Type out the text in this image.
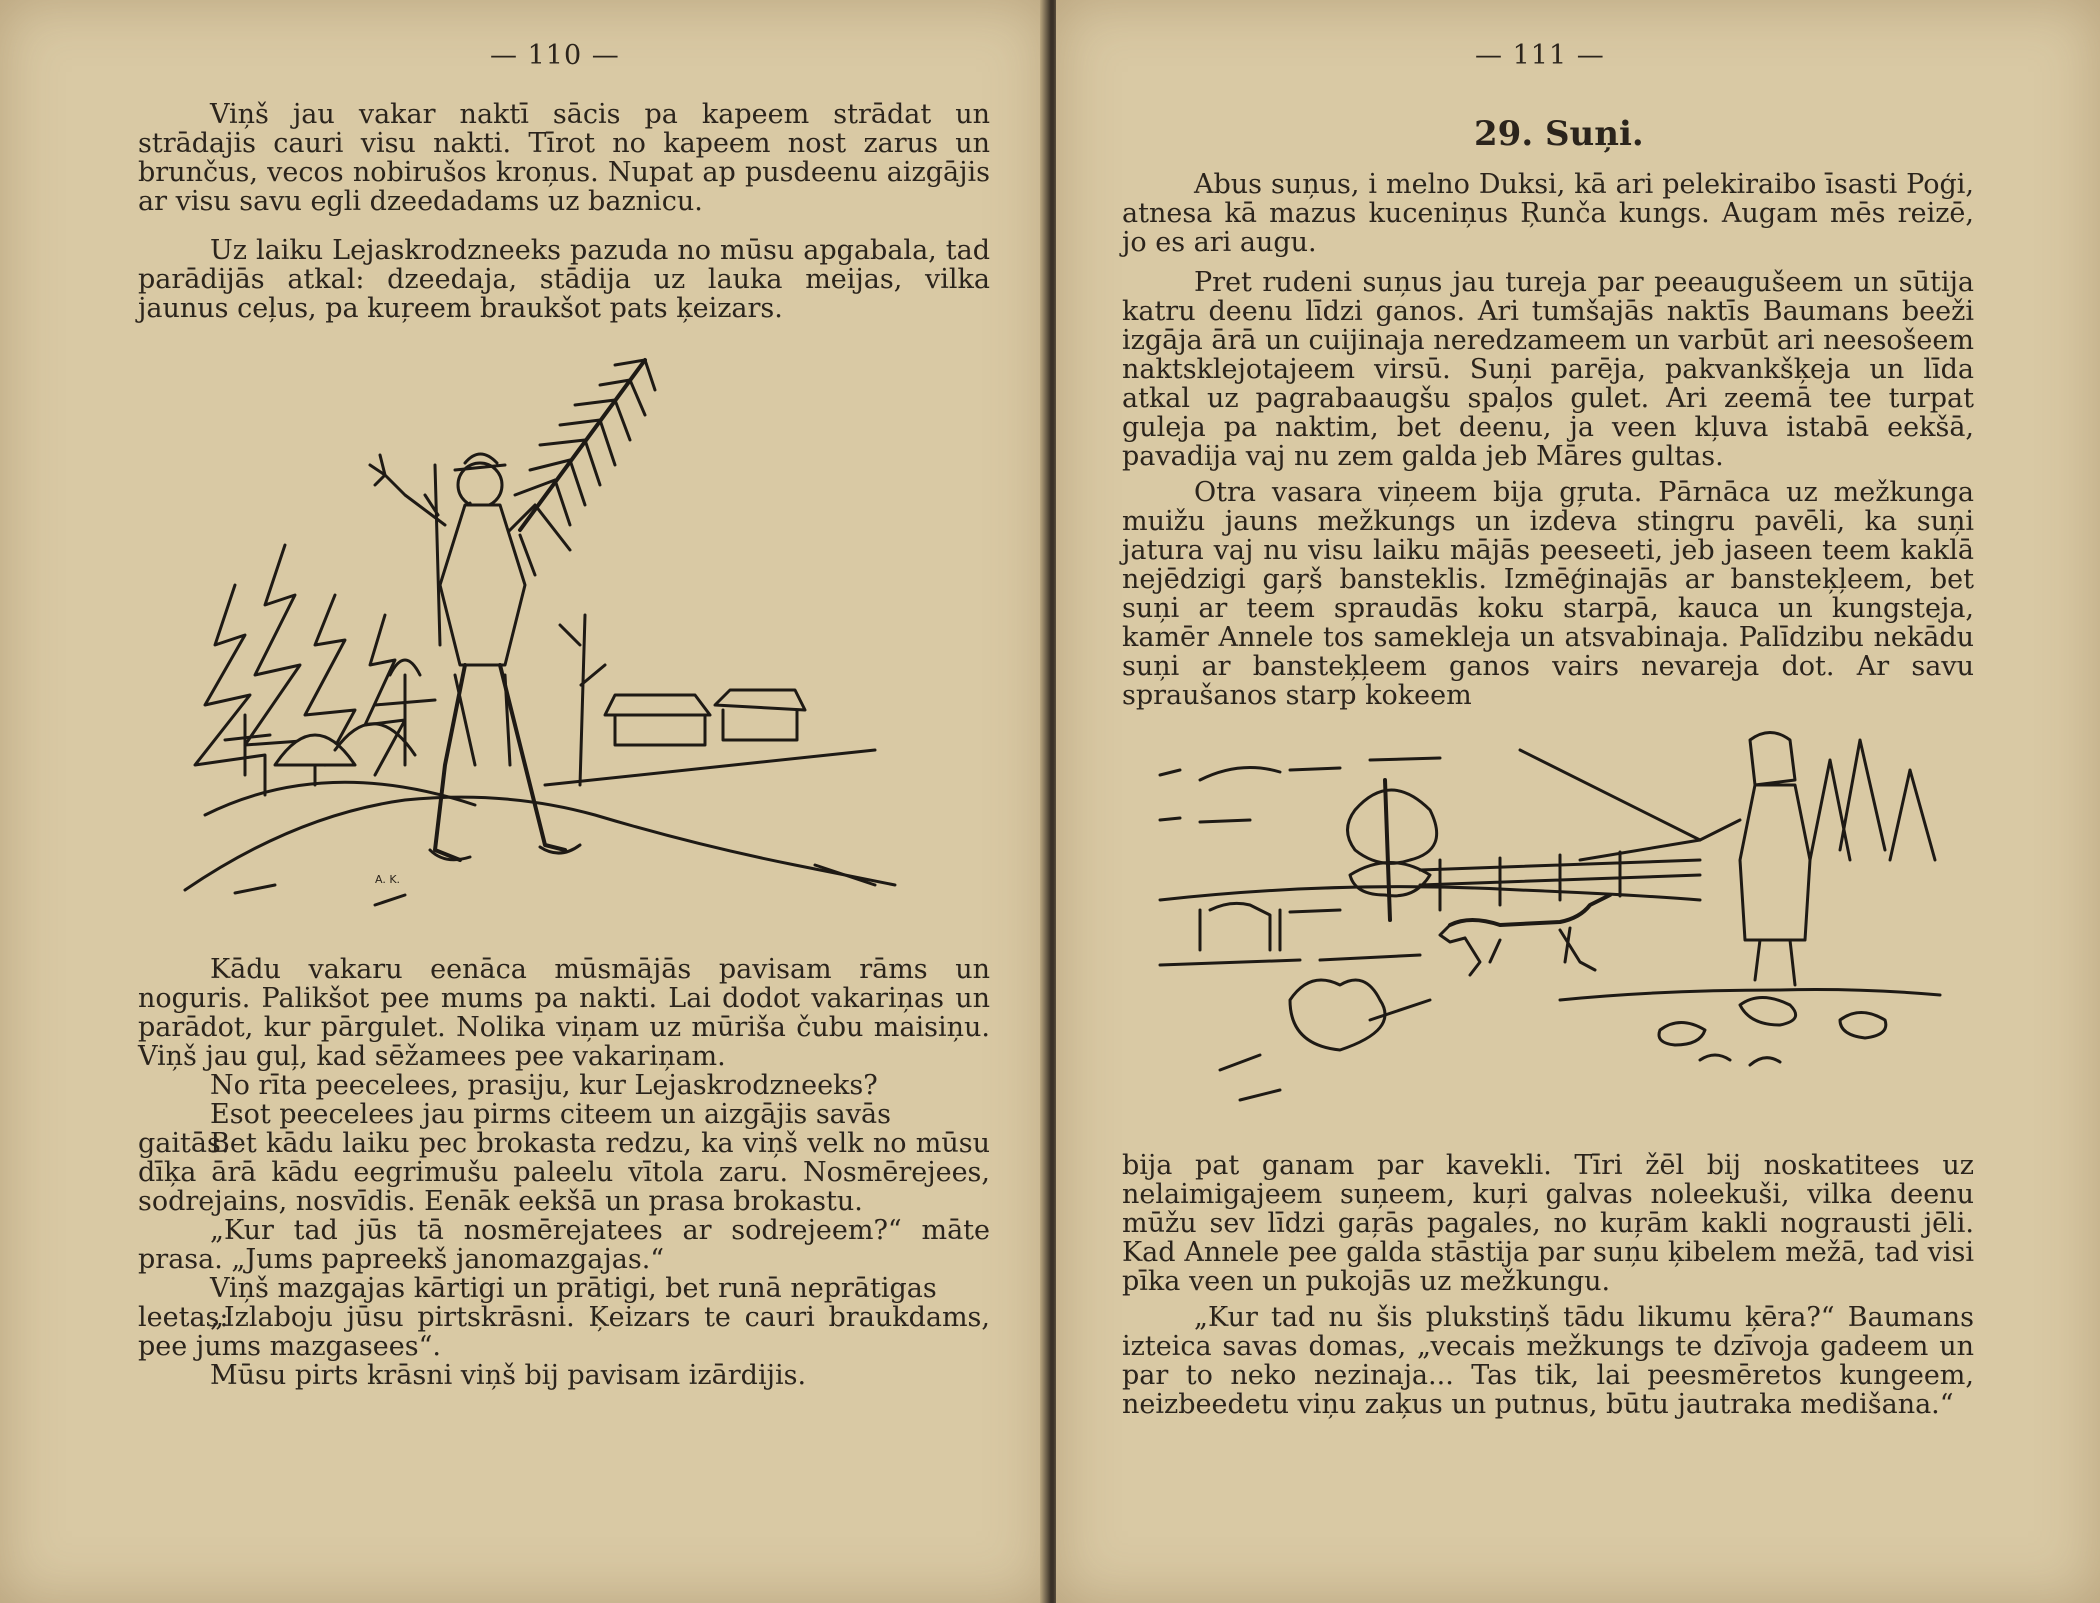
— 110 —
Viņš jau vakar naktī sācis pa kapeem strādat un strādajis cauri visu nakti. Tīrot no kapeem nost zarus un brunčus, vecos nobirušos kroņus. Nupat ap pusdeenu aizgājis ar visu savu egli dzeedadams uz baznicu.
Uz laiku Lejaskrodzneeks pazuda no mūsu apgabala, tad parādijās atkal: dzeedaja, stādija uz lauka meijas, vilka jaunus ceļus, pa kuŗeem braukšot pats ķeizars.
A. K.
Kādu vakaru eenāca mūsmājās pavisam rāms un noguris. Palikšot pee mums pa nakti. Lai dodot vakariņas un parādot, kur pārgulet. Nolika viņam uz mūriša čubu maisiņu. Viņš jau guļ, kad sēžamees pee vakariņam.
No rīta peecelees, prasiju, kur Lejaskrodzneeks?
Esot peecelees jau pirms citeem un aizgājis savās gaitās.
Bet kādu laiku pec brokasta redzu, ka viņš velk no mūsu dīķa ārā kādu eegrimušu paleelu vītola zaru. Nosmērejees, sodrejains, nosvīdis. Eenāk eekšā un prasa brokastu.
„Kur tad jūs tā nosmērejatees ar sodrejeem?“ māte prasa. „Jums papreekš janomazgajas.“
Viņš mazgajas kārtigi un prātigi, bet runā neprātigas leetas:
„Izlaboju jūsu pirtskrāsni. Ķeizars te cauri braukdams, pee jums mazgasees“.
Mūsu pirts krāsni viņš bij pavisam izārdijis.
— 111 —
29. Suņi.
Abus suņus, i melno Duksi, kā ari pelekiraibo īsasti Poģi, atnesa kā mazus kuceniņus Ŗunča kungs. Augam mēs reizē, jo es ari augu.
Pret rudeni suņus jau tureja par peeaugušeem un sūtija katru deenu līdzi ganos. Ari tumšajās naktīs Baumans beeži izgāja ārā un cuijinaja neredzameem un varbūt ari neesošeem naktsklejotajeem virsū. Suņi parēja, pakvankšķeja un līda atkal uz pagrabaaugšu spaļos gulet. Ari zeemā tee turpat guleja pa naktim, bet deenu, ja veen kļuva istabā eekšā, pavadija vaj nu zem galda jeb Māres gultas.
Otra vasara viņeem bija gŗuta. Pārnāca uz mežkunga muižu jauns mežkungs un izdeva stingru pavēli, ka suņi jatura vaj nu visu laiku mājās peeseeti, jeb jaseen teem kaklā nejēdzigi gaŗš bansteklis. Izmēģinajās ar bansteķļeem, bet suņi ar teem spraudās koku starpā, kauca un kungsteja, kamēr Annele tos samekleja un atsvabinaja. Palīdzibu nekādu suņi ar bansteķļeem ganos vairs nevareja dot. Ar savu spraušanos starp kokeem
bija pat ganam par kavekli. Tīri žēl bij noskatitees uz nelaimigajeem suņeem, kuŗi galvas noleekuši, vilka deenu mūžu sev līdzi gaŗās pagales, no kuŗām kakli nograusti jēli. Kad Annele pee galda stāstija par suņu ķibelem mežā, tad visi pīka veen un pukojās uz mežkungu.
„Kur tad nu šis plukstiņš tādu likumu ķēra?“ Baumans izteica savas domas, „vecais mežkungs te dzīvoja gadeem un par to neko nezinaja... Tas tik, lai peesmēretos kungeem, neizbeedetu viņu zaķus un putnus, būtu jautraka medišana.“
